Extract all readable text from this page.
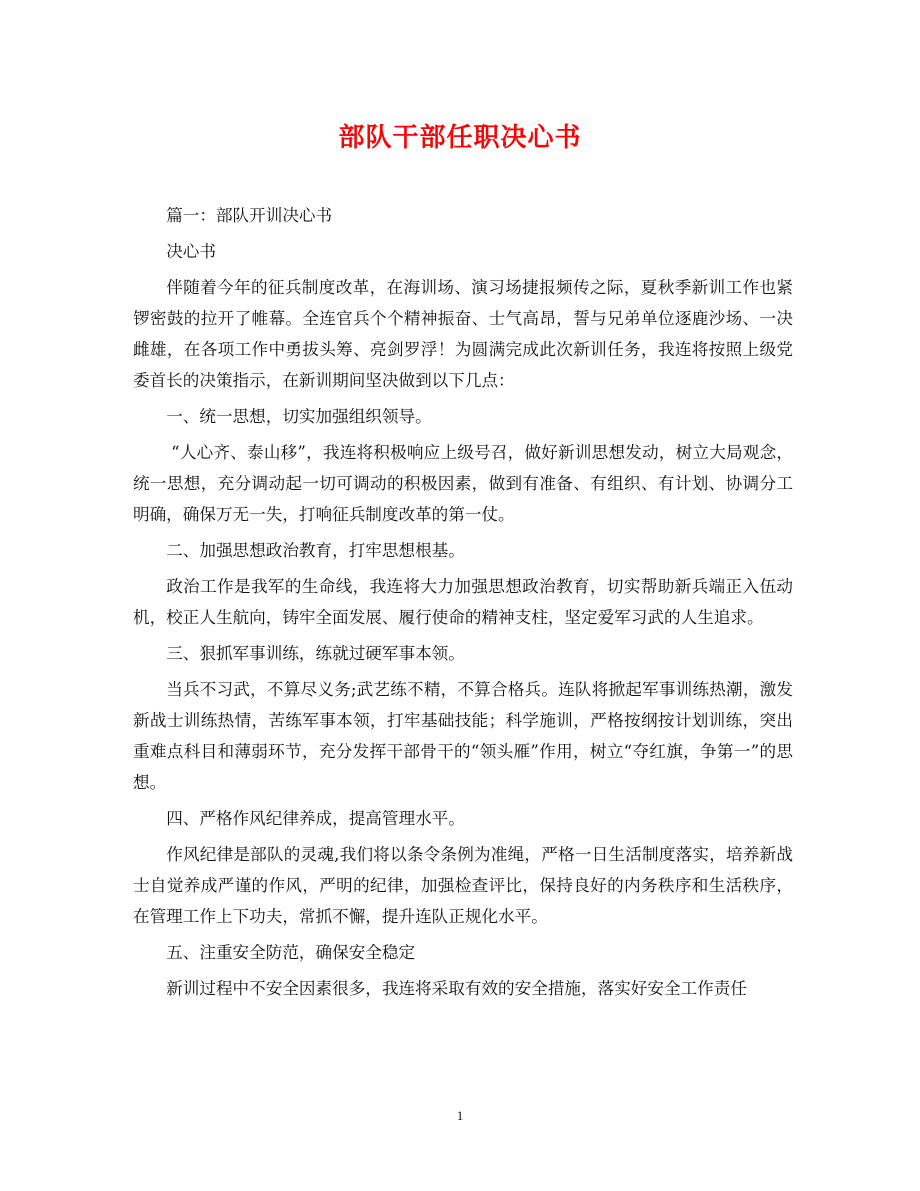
部队干部任职决心书

篇一：部队开训决心书

决心书

伴随着今年的征兵制度改革，在海训场、演习场捷报频传之际，夏秋季新训工作也紧锣密鼓的拉开了帷幕。全连官兵个个精神振奋、士气高昂，誓与兄弟单位逐鹿沙场、一决雌雄，在各项工作中勇拔头筹、亮剑罗浮！为圆满完成此次新训任务，我连将按照上级党委首长的决策指示，在新训期间坚决做到以下几点：

一、统一思想，切实加强组织领导。

“人心齐、泰山移”，我连将积极响应上级号召，做好新训思想发动，树立大局观念，统一思想，充分调动起一切可调动的积极因素，做到有准备、有组织、有计划、协调分工明确，确保万无一失，打响征兵制度改革的第一仗。

二、加强思想政治教育，打牢思想根基。

政治工作是我军的生命线，我连将大力加强思想政治教育，切实帮助新兵端正入伍动机，校正人生航向，铸牢全面发展、履行使命的精神支柱，坚定爱军习武的人生追求。

三、狠抓军事训练，练就过硬军事本领。

当兵不习武，不算尽义务;武艺练不精，不算合格兵。连队将掀起军事训练热潮，激发新战士训练热情，苦练军事本领，打牢基础技能；科学施训，严格按纲按计划训练，突出重难点科目和薄弱环节，充分发挥干部骨干的“领头雁”作用，树立“夺红旗，争第一”的思想。

四、严格作风纪律养成，提高管理水平。

作风纪律是部队的灵魂,我们将以条令条例为准绳，严格一日生活制度落实，培养新战士自觉养成严谨的作风，严明的纪律，加强检查评比，保持良好的内务秩序和生活秩序，在管理工作上下功夫，常抓不懈，提升连队正规化水平。

五、注重安全防范，确保安全稳定

新训过程中不安全因素很多，我连将采取有效的安全措施，落实好安全工作责任

1
